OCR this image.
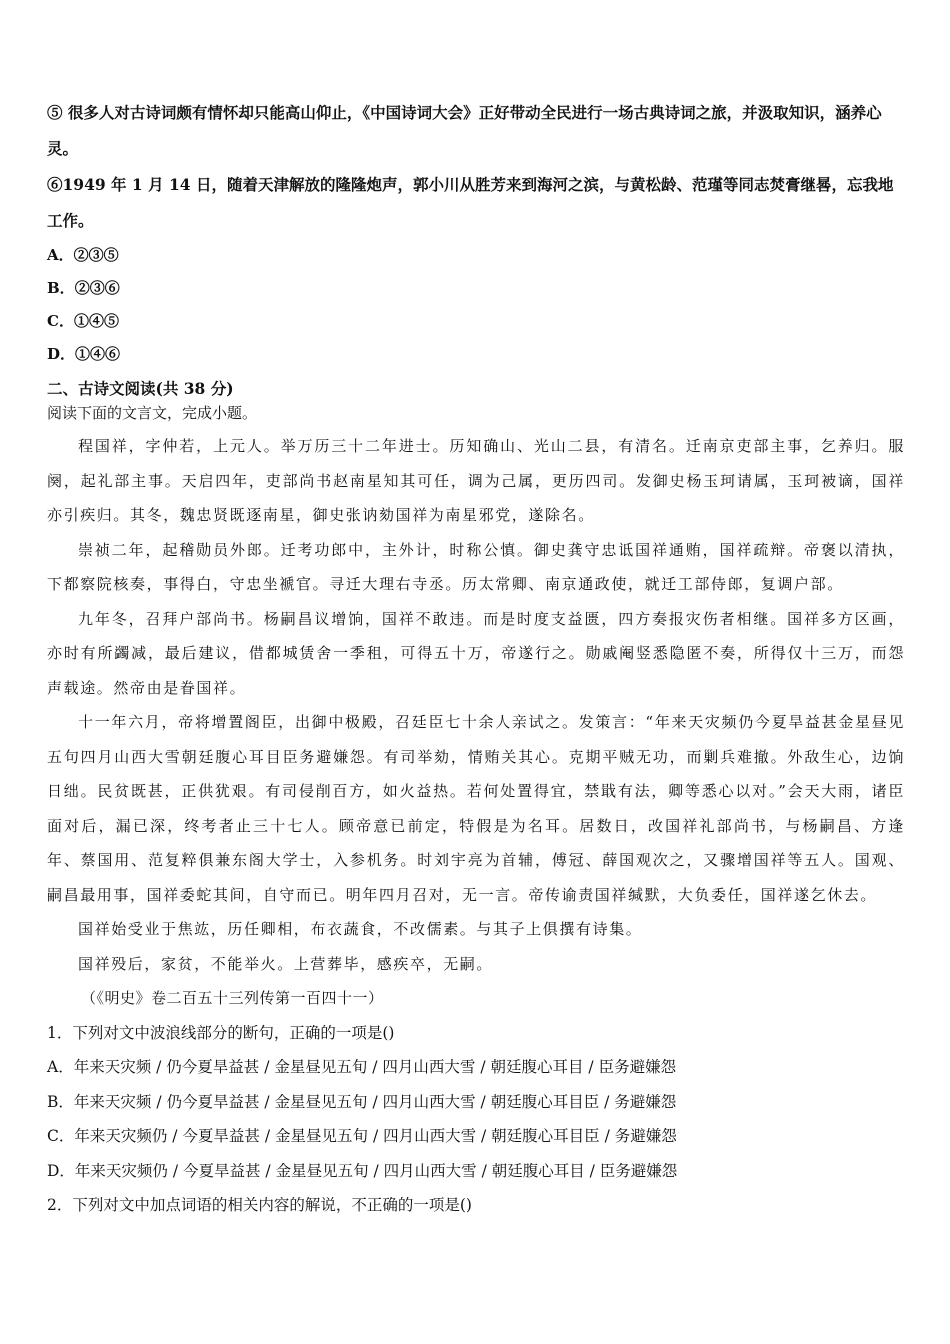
⑤ 很多人对古诗词颇有情怀却只能高山仰止，《中国诗词大会》正好带动全民进行一场古典诗词之旅，并汲取知识，涵养心灵。

⑥1949 年 1 月 14 日，随着天津解放的隆隆炮声，郭小川从胜芳来到海河之滨，与黄松龄、范瑾等同志焚膏继晷，忘我地工作。

A．②③⑤

B．②③⑥

C．①④⑤

D．①④⑥

二、古诗文阅读(共 38 分)

阅读下面的文言文，完成小题。

程国祥，字仲若，上元人。举万历三十二年进士。历知确山、光山二县，有清名。迁南京吏部主事，乞养归。服阕，起礼部主事。天启四年，吏部尚书赵南星知其可任，调为己属，更历四司。发御史杨玉珂请属，玉珂被谪，国祥亦引疾归。其冬，魏忠贤既逐南星，御史张讷劾国祥为南星邪党，遂除名。

崇祯二年，起稽勋员外郎。迁考功郎中，主外计，时称公慎。御史龚守忠诋国祥通贿，国祥疏辩。帝褒以清执，下都察院核奏，事得白，守忠坐褫官。寻迁大理右寺丞。历太常卿、南京通政使，就迁工部侍郎，复调户部。

九年冬，召拜户部尚书。杨嗣昌议增饷，国祥不敢违。而是时度支益匮，四方奏报灾伤者相继。国祥多方区画，亦时有所蠲减，最后建议，借都城赁舍一季租，可得五十万，帝遂行之。勋戚阉竖悉隐匿不奏，所得仅十三万，而怨声载途。然帝由是眷国祥。

十一年六月，帝将增置阁臣，出御中极殿，召廷臣七十余人亲试之。发策言：“年来天灾频仍今夏旱益甚金星昼见五句四月山西大雪朝廷腹心耳目臣务避嫌怨。有司举劾，情贿关其心。克期平贼无功，而剿兵难撤。外敌生心，边饷日绌。民贫既甚，正供犹艰。有司侵削百方，如火益热。若何处置得宜，禁戢有法，卿等悉心以对。”会天大雨，诸臣面对后，漏已深，终考者止三十七人。顾帝意已前定，特假是为名耳。居数日，改国祥礼部尚书，与杨嗣昌、方逢年、蔡国用、范复粹俱兼东阁大学士，入参机务。时刘宇亮为首辅，傅冠、薛国观次之，又骤增国祥等五人。国观、嗣昌最用事，国祥委蛇其间，自守而已。明年四月召对，无一言。帝传谕责国祥缄默，大负委任，国祥遂乞休去。

国祥始受业于焦竑，历任卿相，布衣蔬食，不改儒素。与其子上俱撰有诗集。

国祥殁后，家贫，不能举火。上营葬毕，感疾卒，无嗣。

（《明史》卷二百五十三列传第一百四十一）

1．下列对文中波浪线部分的断句，正确的一项是()

A．年来天灾频 / 仍今夏旱益甚 / 金星昼见五旬 / 四月山西大雪 / 朝廷腹心耳目 / 臣务避嫌怨

B．年来天灾频 / 仍今夏旱益甚 / 金星昼见五旬 / 四月山西大雪 / 朝廷腹心耳目臣 / 务避嫌怨

C．年来天灾频仍 / 今夏旱益甚 / 金星昼见五旬 / 四月山西大雪 / 朝廷腹心耳目臣 / 务避嫌怨

D．年来天灾频仍 / 今夏旱益甚 / 金星昼见五旬 / 四月山西大雪 / 朝廷腹心耳目 / 臣务避嫌怨

2．下列对文中加点词语的相关内容的解说，不正确的一项是()
